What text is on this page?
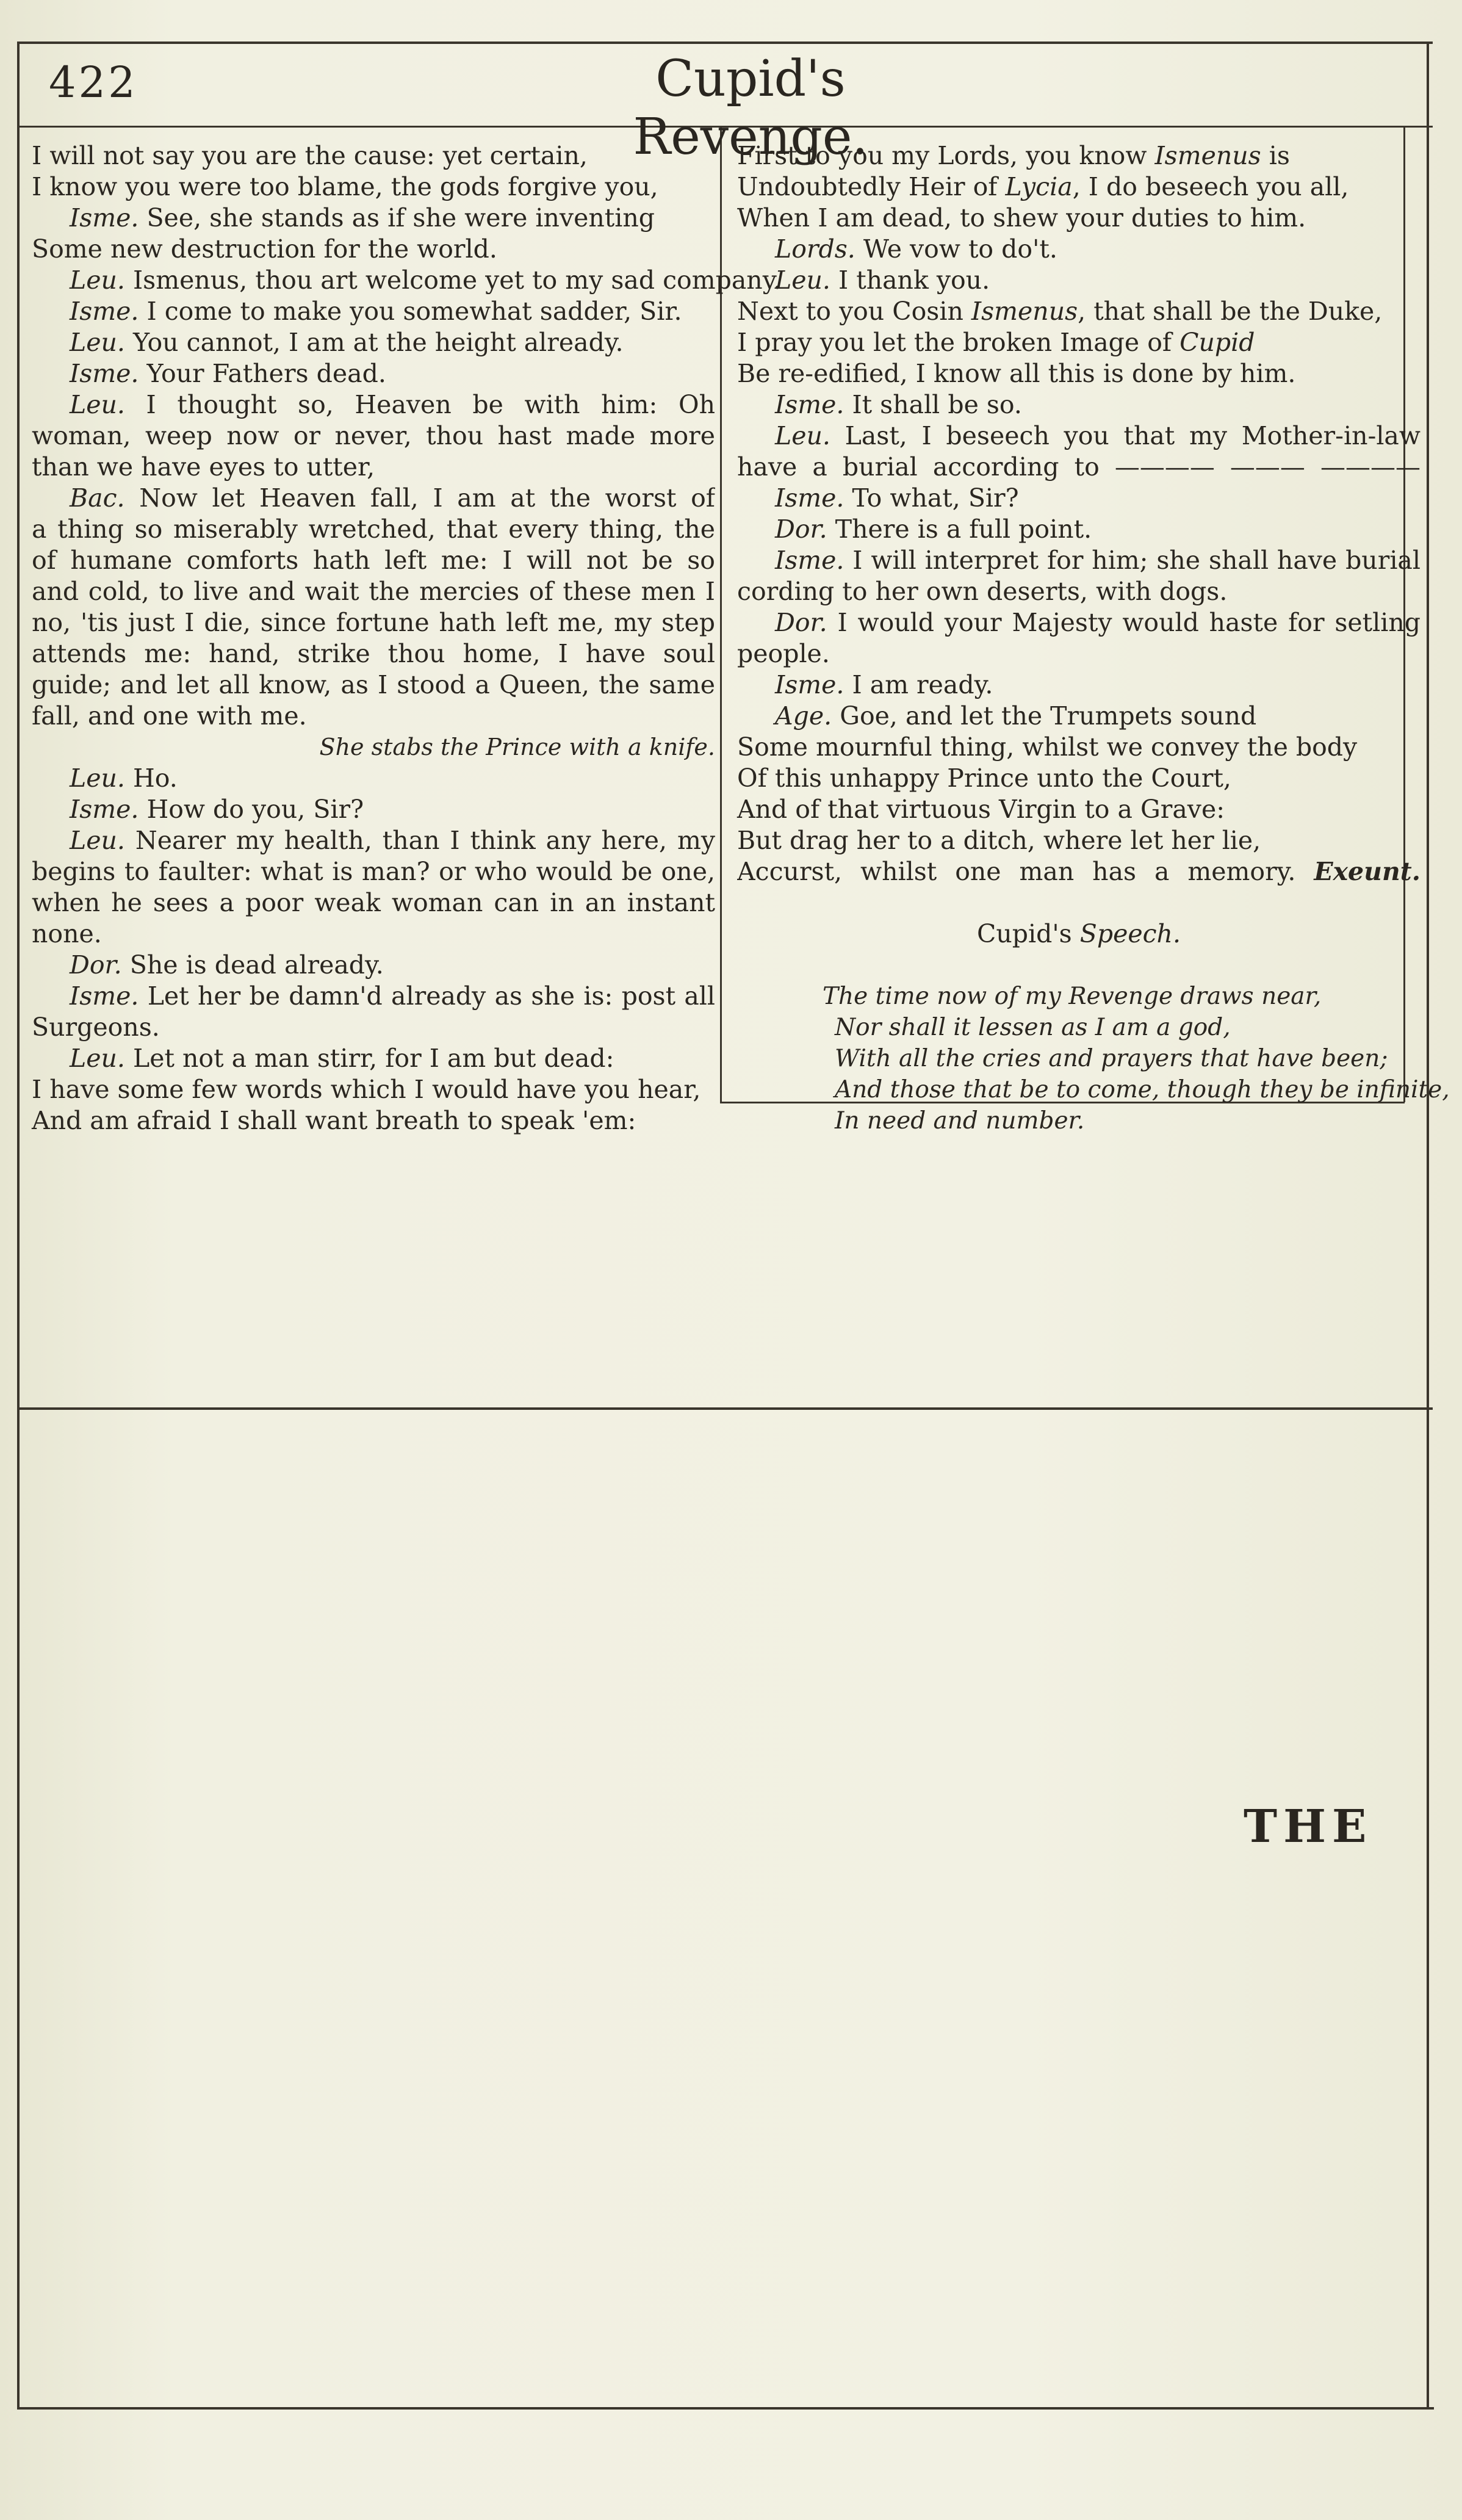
422	Cupid's Revenge.
I will not say you are the cause: yet certain,
I know you were too blame, the gods forgive you,
Isme. See, she stands as if she were inventing
Some new destruction for the world.
Leu. Ismenus, thou art welcome yet to my sad company.
Isme. I come to make you somewhat sadder, Sir.
Leu. You cannot, I am at the height already.
Isme. Your Fathers dead.
Leu. I thought so, Heaven be with him: Oh
woman, weep now or never, thou hast made more
than we have eyes to utter,
Bac. Now let Heaven fall, I am at the worst of
a thing so miserably wretched, that every thing, the
of humane comforts hath left me: I will not be so
and cold, to live and wait the mercies of these men I
no, 'tis just I die, since fortune hath left me, my step
attends me: hand, strike thou home, I have soul
guide; and let all know, as I stood a Queen, the same
fall, and one with me.
She stabs the Prince with a knife.
Leu. Ho.
Isme. How do you, Sir?
Leu. Nearer my health, than I think any here, my
begins to faulter: what is man? or who would be one,
when he sees a poor weak woman can in an instant
none.
Dor. She is dead already.
Isme. Let her be damn'd already as she is: post all
Surgeons.
Leu. Let not a man stirr, for I am but dead:
I have some few words which I would have you hear,
And am afraid I shall want breath to speak 'em:
First to you my Lords, you know Ismenus is
Undoubtedly Heir of Lycia, I do beseech you all,
When I am dead, to shew your duties to him.
Lords. We vow to do't.
Leu. I thank you.
Next to you Cosin Ismenus, that shall be the Duke,
I pray you let the broken Image of Cupid
Be re-edified, I know all this is done by him.
Isme. It shall be so.
Leu. Last, I beseech you that my Mother-in-law
have a burial according to ———— ——— ————
Isme. To what, Sir?
Dor. There is a full point.
Isme. I will interpret for him; she shall have burial
cording to her own deserts, with dogs.
Dor. I would your Majesty would haste for setling
people.
Isme. I am ready.
Age. Goe, and let the Trumpets sound
Some mournful thing, whilst we convey the body
Of this unhappy Prince unto the Court,
And of that virtuous Virgin to a Grave:
But drag her to a ditch, where let her lie,
Accurst, whilst one man has a memory. Exeunt.
Cupid's Speech.
The time now of my Revenge draws near,
Nor shall it lessen as I am a god,
With all the cries and prayers that have been;
And those that be to come, though they be infinite,
In need and number.
THE
